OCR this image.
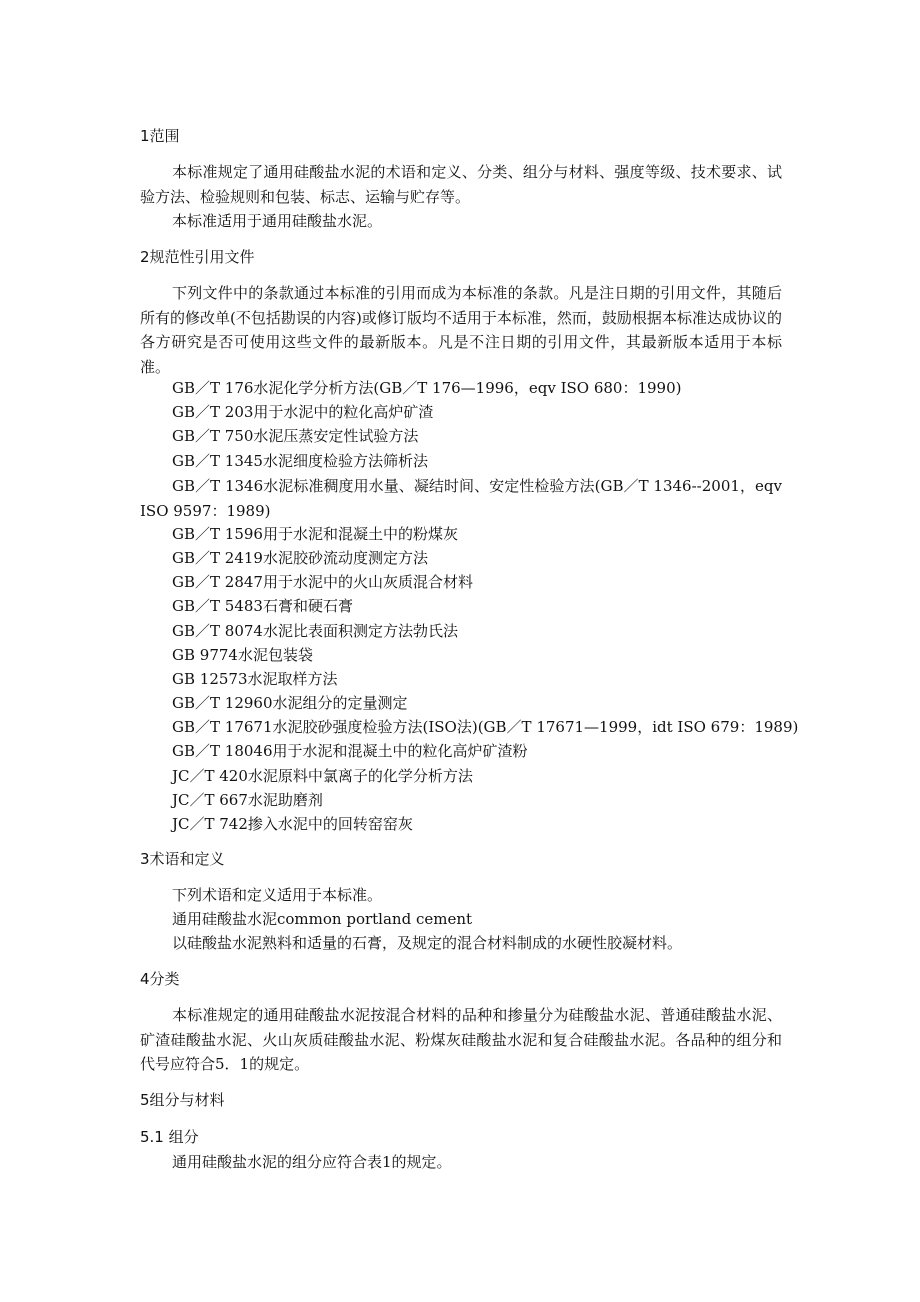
1范围

本标准规定了通用硅酸盐水泥的术语和定义、分类、组分与材料、强度等级、技术要求、试验方法、检验规则和包装、标志、运输与贮存等。

本标准适用于通用硅酸盐水泥。
2规范性引用文件

下列文件中的条款通过本标准的引用而成为本标准的条款。凡是注日期的引用文件，其随后所有的修改单(不包括勘误的内容)或修订版均不适用于本标准，然而，鼓励根据本标准达成协议的各方研究是否可使用这些文件的最新版本。凡是不注日期的引用文件，其最新版本适用于本标准。

GB／T 176水泥化学分析方法(GB／T 176—1996，eqv ISO 680：1990)
GB／T 203用于水泥中的粒化高炉矿渣
GB／T 750水泥压蒸安定性试验方法
GB／T 1345水泥细度检验方法筛析法

GB／T 1346水泥标准稠度用水量、凝结时间、安定性检验方法(GB／T 1346--2001，eqv ISO 9597：1989)

GB／T 1596用于水泥和混凝土中的粉煤灰
GB／T 2419水泥胶砂流动度测定方法
GB／T 2847用于水泥中的火山灰质混合材料
GB／T 5483石膏和硬石膏
GB／T 8074水泥比表面积测定方法勃氏法
GB 9774水泥包装袋
GB 12573水泥取样方法
GB／T 12960水泥组分的定量测定
GB／T 17671水泥胶砂强度检验方法(ISO法)(GB／T 17671—1999，idt ISO 679：1989)
GB／T 18046用于水泥和混凝土中的粒化高炉矿渣粉
JC／T 420水泥原料中氯离子的化学分析方法
JC／T 667水泥助磨剂
JC／T 742掺入水泥中的回转窑窑灰
3术语和定义
下列术语和定义适用于本标准。
通用硅酸盐水泥common portland cement
以硅酸盐水泥熟料和适量的石膏，及规定的混合材料制成的水硬性胶凝材料。
4分类

本标准规定的通用硅酸盐水泥按混合材料的品种和掺量分为硅酸盐水泥、普通硅酸盐水泥、矿渣硅酸盐水泥、火山灰质硅酸盐水泥、粉煤灰硅酸盐水泥和复合硅酸盐水泥。各品种的组分和代号应符合5．1的规定。

5组分与材料
5.1 组分
通用硅酸盐水泥的组分应符合表1的规定。
